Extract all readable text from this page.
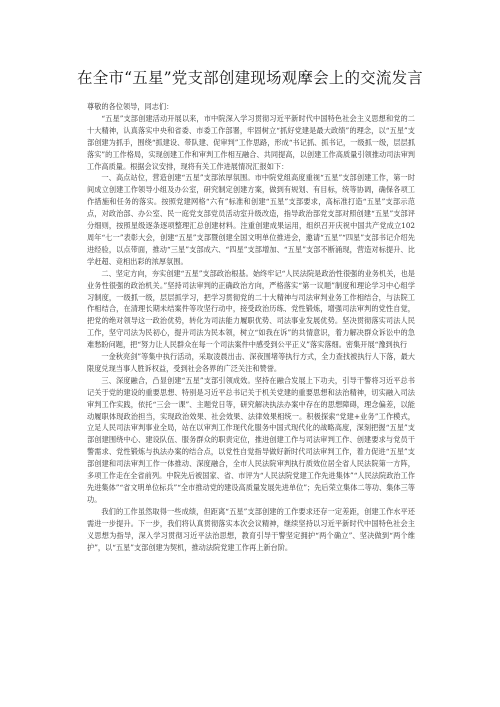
在全市“五星”党支部创建现场观摩会上的交流发言

尊敬的各位领导，同志们：

“五星”支部创建活动开展以来，市中院深入学习贯彻习近平新时代中国特色社会主义思想和党的二十大精神，认真落实中央和省委、市委工作部署，牢固树立“抓好党建是最大政绩”的理念，以“五星”支部创建为抓手，围绕“抓建设、带队建、促审判”工作思路，形成“书记抓、抓书记，一级抓一级，层层抓落实”的工作格局，实现创建工作和审判工作相互融合、共同提高，以创建工作高质量引领推动司法审判工作高质量。根据会议安排，现将有关工作进展情况汇报如下：

一、高点站位，营造创建“五星”支部浓厚氛围。市中院党组高度重视“五星”支部创建工作，第一时间成立创建工作领导小组及办公室，研究制定创建方案，做到有规划、有目标，统等协调，确保各项工作措施和任务的落实。按照党建网格“六有”标准和创建“五星”支部要求，高标准打造“五星”支部示范点，对政治部、办公室、民一庭党支部党员活动室升级改造，指导政治部党支部对照创建“五星”支部评分细则，按照星级逐条逐项整理汇总创建材料。注重创建成果运用，组织召开庆祝中国共产党成立102周年“七一”表彰大会，创建“五星”支部暨创建全国文明单位推进会，邀请“五星”“四星”支部书记介绍先进经验，以点带面，推动“三星”支部成六、“四星”支部增加、“五星”支部不断涌现，营造对标提升、比学赶超、竞相出彩的浓厚氛围。

二、坚定方向，夯实创建“五星”支部政治根基。始终牢记“人民法院是政治性很强的业务机关，也是业务性很强的政治机关。”坚持司法审判的正确政治方向，严格落实“第一议题”制度和理论学习中心组学习制度，一级抓一级，层层抓学习，把学习贯彻党的二十大精神与司法审判业务工作相结合，与法院工作相结合，在清理长期未结案件等攻坚行动中，接受政治历练、党性锻炼，增强司法审判的党性自觉，把党的绝对领导这一政治优势，转化为司法能力履职优势、司法事业发展优势。坚决贯彻落实司法人民工作，坚守司法为民初心，提升司法为民本领，树立“如我在诉”的共情意识，着力解决群众诉讼中的急难愁盼问题，把“努力让人民群众在每一个司法案件中感受到公平正义”落实落细。密集开展“豫到执行

一金秋亮剑”等集中执行活动，采取凌晨出击、深夜围堵等执行方式，全力查找被执行人下落，最大限度兑现当事人胜诉权益，受到社会各界的广泛关注和赞誉。

三、深度融合，凸显创建“五星”支部引领成效。坚持在融合发展上下功夫，引导干警将习近平总书记关于党的建设的重要思想、特别是习近平总书记关于机关党建的重要思想和法治精神，切实融入司法审判工作实践，依托“三会一课”、主题党日等，研究解决执法办案中存在的思想障碍，理念偏差，以能动履职体现政治担当，实现政治效果、社会效果、法律效果相统一。积极探索“党建+业务”工作模式，立足人民司法审判事业全局，站在以审判工作现代化服务中国式现代化的战略高度，深刻把握“五星”支部创建围绕中心、建设队伍、服务群众的职责定位，推进创建工作与司法审判工作、创建要求与党员干警需求、党性锻炼与执法办案的结合点，以党性自觉指导做好新时代司法审判工作，着力促进“五星”支部创建和司法审判工作一体推动、深度融合，全市人民法院审判执行质效位居全省人民法院第一方阵，多项工作走在全省前列。中院先后被国家、省、市评为“人民法院党建工作先进集体”“人民法院政治工作先进集体”“省文明单位标兵”“全市推动党的建设高质量发展先进单位”；先后荣立集体二等功、集体三等功。

我们的工作虽然取得一些成绩，但距离“五星”支部创建的工作要求还存一定差距，创建工作水平还需进一步提升。下一步，我们将认真贯彻落实本次会议精神，继续坚持以习近平新时代中国特色社会主义思想为指导，深入学习贯彻习近平法治思想，教育引导干警坚定拥护“两个确立”、坚决做到“两个维护”，以“五星”支部创建为契机，推动法院党建工作再上新台阶。
